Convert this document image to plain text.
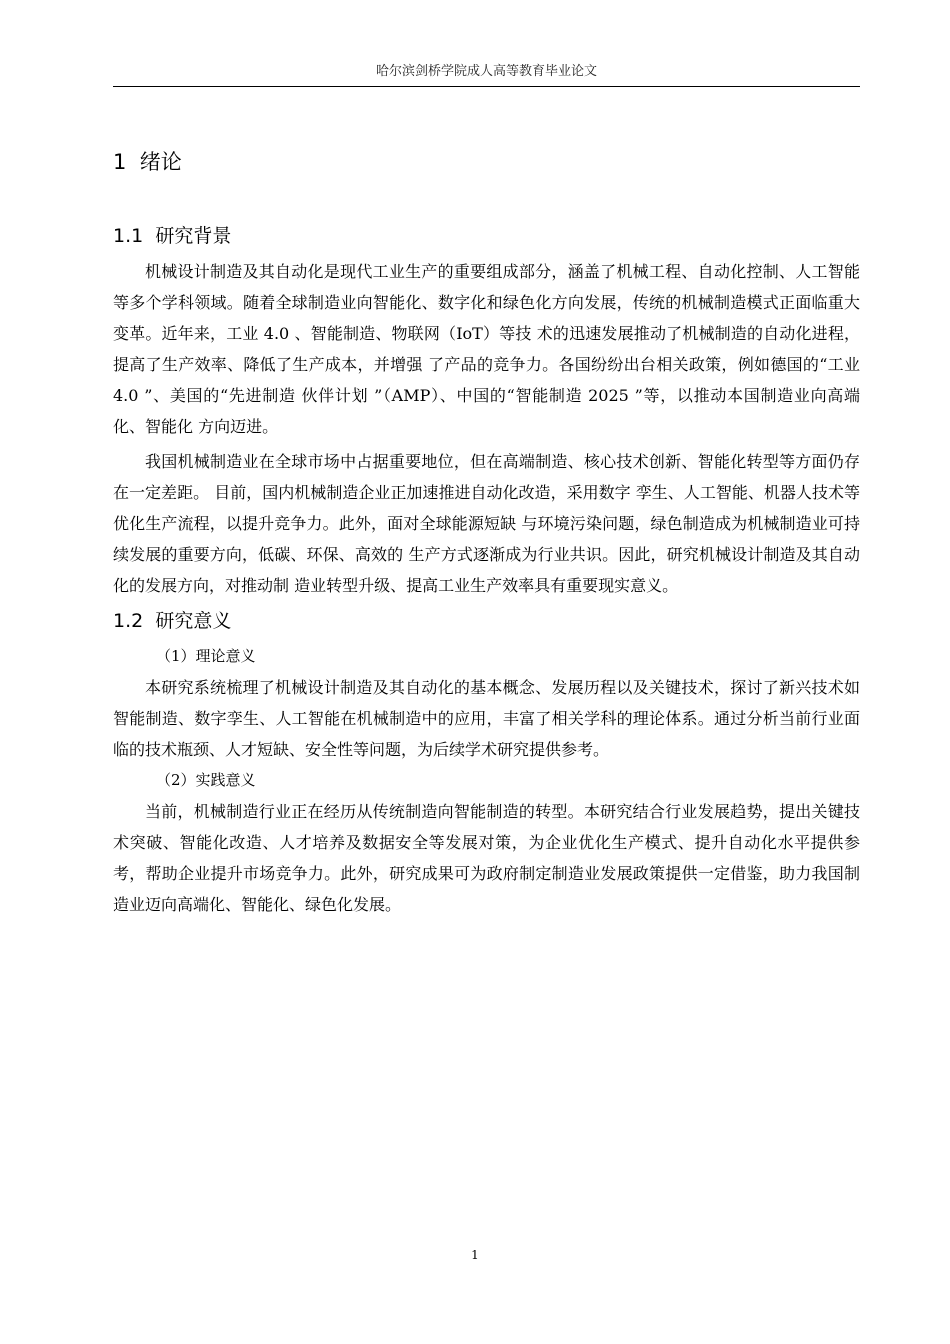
哈尔滨剑桥学院成人高等教育毕业论文
1 绪论
1.1 研究背景

机械设计制造及其自动化是现代工业生产的重要组成部分，涵盖了机械工程、自动化控制、人工智能等多个学科领域。随着全球制造业向智能化、数字化和绿色化方向发展，传统的机械制造模式正面临重大变革。近年来，工业 4.0 、智能制造、物联网（IoT）等技 术的迅速发展推动了机械制造的自动化进程，提高了生产效率、降低了生产成本，并增强 了产品的竞争力。各国纷纷出台相关政策，例如德国的“工业 4.0 ”、美国的“先进制造 伙伴计划 ”（AMP）、中国的“智能制造 2025 ”等，以推动本国制造业向高端化、智能化 方向迈进。

我国机械制造业在全球市场中占据重要地位，但在高端制造、核心技术创新、智能化转型等方面仍存在一定差距。 目前，国内机械制造企业正加速推进自动化改造，采用数字 孪生、人工智能、机器人技术等优化生产流程，以提升竞争力。此外，面对全球能源短缺 与环境污染问题，绿色制造成为机械制造业可持续发展的重要方向，低碳、环保、高效的 生产方式逐渐成为行业共识。因此，研究机械设计制造及其自动化的发展方向，对推动制 造业转型升级、提高工业生产效率具有重要现实意义。

1.2 研究意义

（1）理论意义

本研究系统梳理了机械设计制造及其自动化的基本概念、发展历程以及关键技术，探讨了新兴技术如智能制造、数字孪生、人工智能在机械制造中的应用，丰富了相关学科的理论体系。通过分析当前行业面临的技术瓶颈、人才短缺、安全性等问题，为后续学术研究提供参考。

（2）实践意义

当前，机械制造行业正在经历从传统制造向智能制造的转型。本研究结合行业发展趋势，提出关键技术突破、智能化改造、人才培养及数据安全等发展对策，为企业优化生产模式、提升自动化水平提供参考，帮助企业提升市场竞争力。此外，研究成果可为政府制定制造业发展政策提供一定借鉴，助力我国制造业迈向高端化、智能化、绿色化发展。

1
